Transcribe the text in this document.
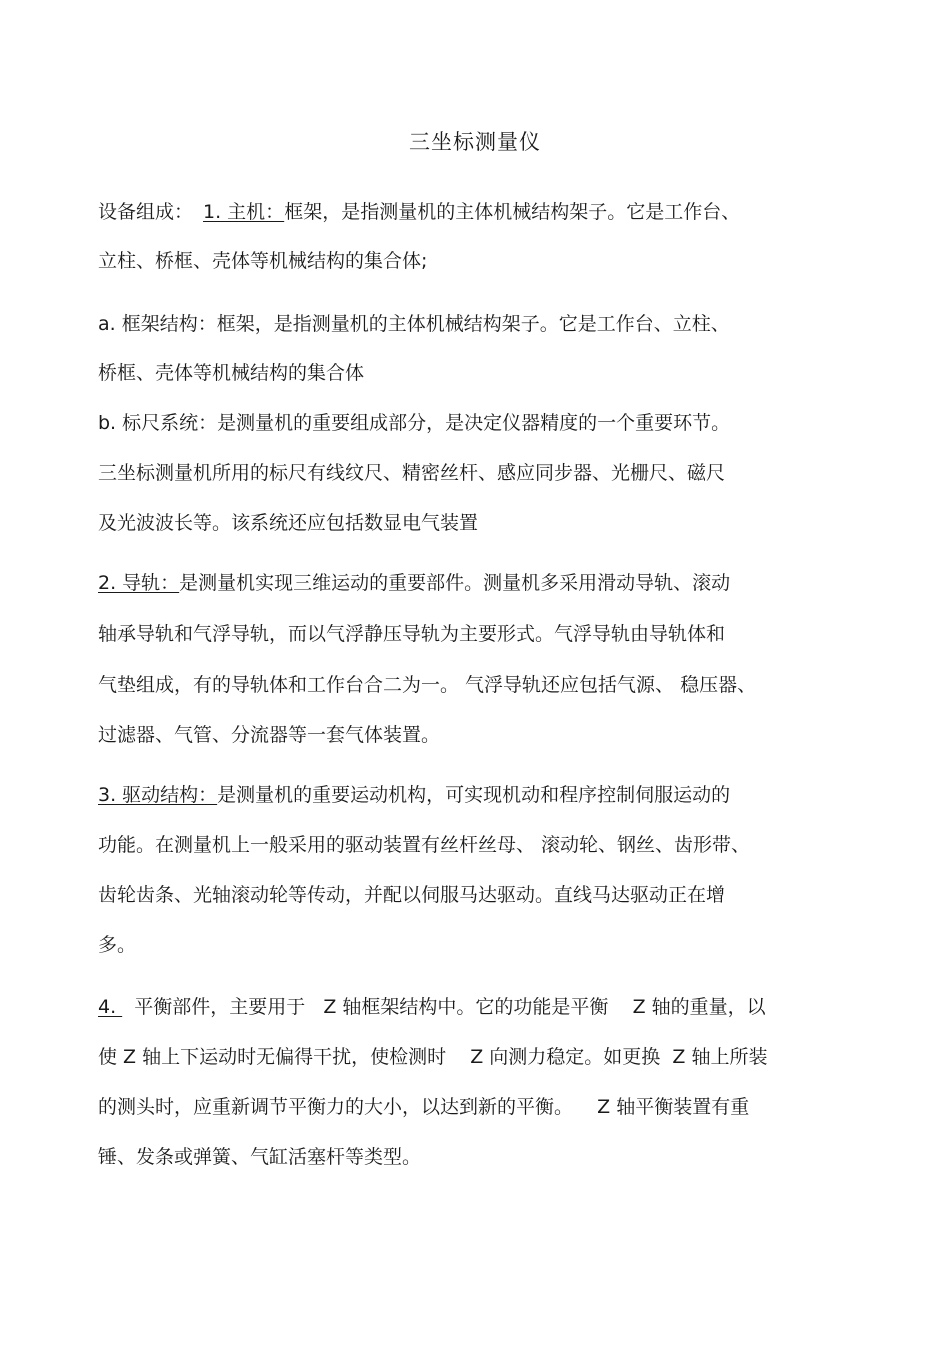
三坐标测量仪
设备组成： 1. 主机：框架，是指测量机的主体机械结构架子。它是工作台、
立柱、桥框、壳体等机械结构的集合体;
a. 框架结构：框架，是指测量机的主体机械结构架子。它是工作台、立柱、
桥框、壳体等机械结构的集合体
b. 标尺系统：是测量机的重要组成部分，是决定仪器精度的一个重要环节。
三坐标测量机所用的标尺有线纹尺、精密丝杆、感应同步器、光栅尺、磁尺
及光波波长等。该系统还应包括数显电气装置
2. 导轨：是测量机实现三维运动的重要部件。测量机多采用滑动导轨、滚动
轴承导轨和气浮导轨，而以气浮静压导轨为主要形式。气浮导轨由导轨体和
气垫组成，有的导轨体和工作台合二为一。 气浮导轨还应包括气源、 稳压器、
过滤器、气管、分流器等一套气体装置。
3. 驱动结构：是测量机的重要运动机构，可实现机动和程序控制伺服运动的
功能。在测量机上一般采用的驱动装置有丝杆丝母、 滚动轮、钢丝、齿形带、
齿轮齿条、光轴滚动轮等传动，并配以伺服马达驱动。直线马达驱动正在增
多。
4.   平衡部件，主要用于   Z 轴框架结构中。它的功能是平衡    Z 轴的重量，以
使 Z 轴上下运动时无偏得干扰，使检测时    Z 向测力稳定。如更换  Z 轴上所装
的测头时，应重新调节平衡力的大小，以达到新的平衡。    Z 轴平衡装置有重
锤、发条或弹簧、气缸活塞杆等类型。
